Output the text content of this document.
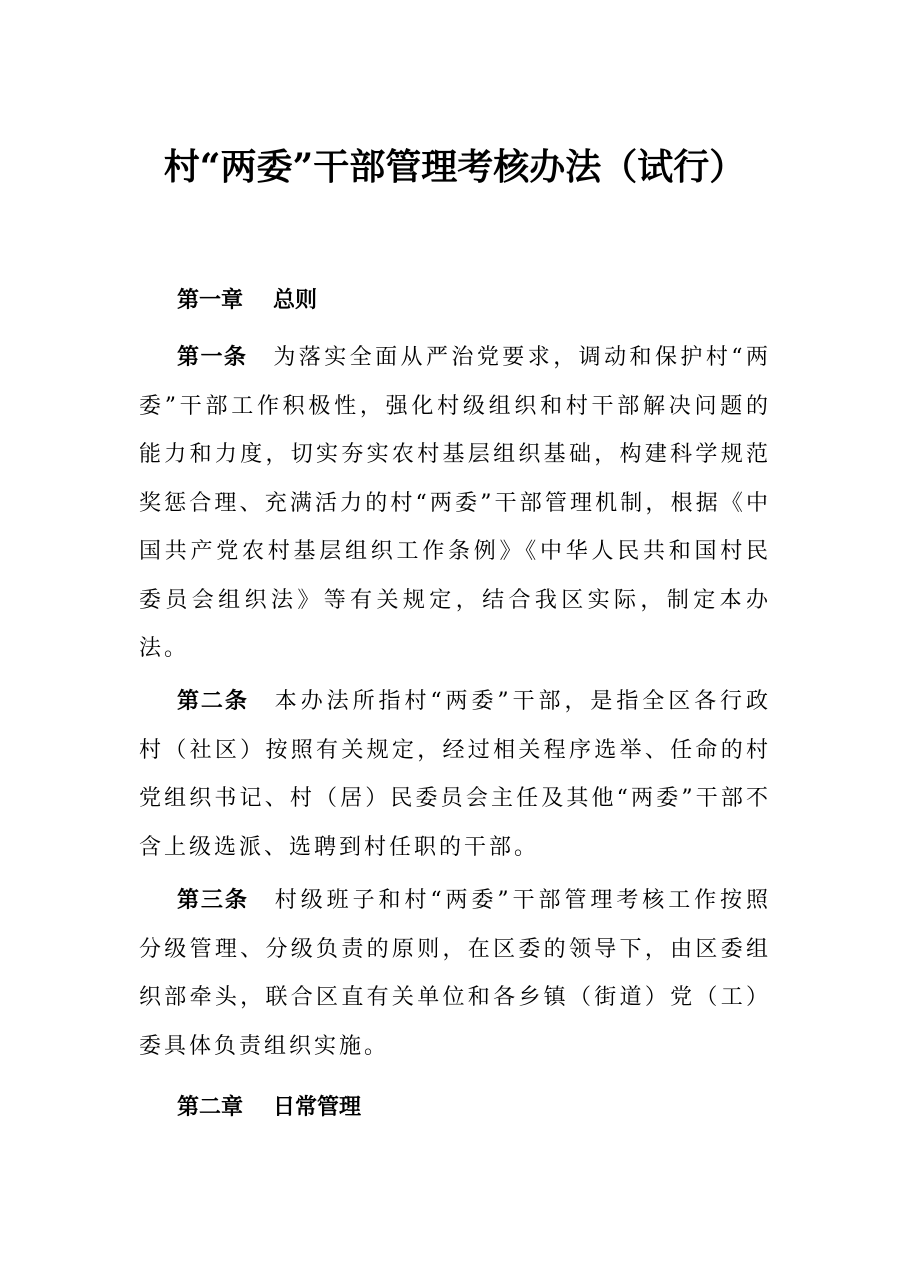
村“两委”干部管理考核办法（试行）
第一章 总则
第一条 为落实全面从严治党要求，调动和保护村“两委”干部工作积极性，强化村级组织和村干部解决问题的能力和力度，切实夯实农村基层组织基础，构建科学规范奖惩合理、充满活力的村“两委”干部管理机制，根据《中国共产党农村基层组织工作条例》《中华人民共和国村民委员会组织法》等有关规定，结合我区实际，制定本办法。
第二条 本办法所指村“两委”干部，是指全区各行政村（社区）按照有关规定，经过相关程序选举、任命的村党组织书记、村（居）民委员会主任及其他“两委”干部不含上级选派、选聘到村任职的干部。
第三条 村级班子和村“两委”干部管理考核工作按照分级管理、分级负责的原则，在区委的领导下，由区委组织部牵头，联合区直有关单位和各乡镇（街道）党（工）委具体负责组织实施。
第二章 日常管理
